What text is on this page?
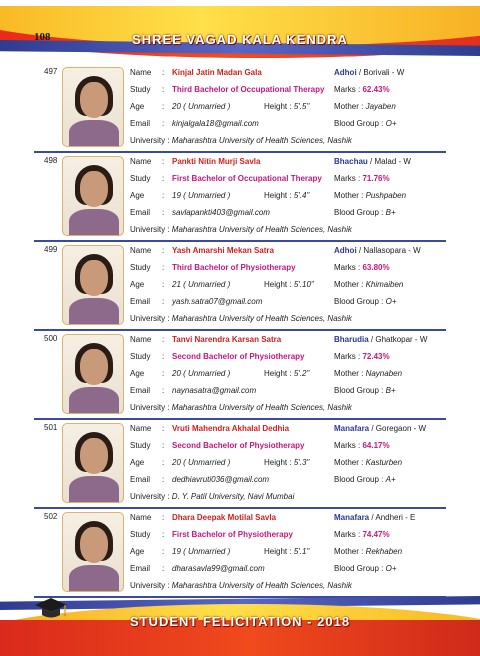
108	SHREE VAGAD KALA KENDRA
497	Name : Kinjal Jatin Madan Gala	Adhoi / Borivali - W
Study : Third Bachelor of Occupational Therapy Marks : 62.43%
Age : 20 ( Unmarried )	Height : 5'.5"	Mother : Jayaben
Email : kinjalgala18@gmail.com	Blood Group : O+
University : Maharashtra University of Health Sciences, Nashik
498	Name : Pankti Nitin Murji Savla	Bhachau / Malad - W
Study : First Bachelor of Occupational Therapy Marks : 71.76%
Age : 19 ( Unmarried )	Height : 5'.4"	Mother : Pushpaben
Email : savlapankti403@gmail.com	Blood Group : B+
University : Maharashtra University of Health Sciences, Nashik
499	Name : Yash Amarshi Mekan Satra	Adhoi / Nallasopara - W
Study : Third Bachelor of Physiotherapy	Marks : 63.80%
Age : 21 ( Unmarried )	Height : 5'.10"	Mother : Khimaiben
Email : yash.satra07@gmail.com	Blood Group : O+
University : Maharashtra University of Health Sciences, Nashik
500	Name : Tanvi Narendra Karsan Satra	Bharudia / Ghatkopar - W
Study : Second Bachelor of Physiotherapy	Marks : 72.43%
Age : 20 ( Unmarried )	Height : 5'.2"	Mother : Naynaben
Email : naynasatra@gmail.com	Blood Group : B+
University : Maharashtra University of Health Sciences, Nashik
501	Name : Vruti Mahendra Akhalal Dedhia	Manafara / Goregaon - W
Study : Second Bachelor of Physiotherapy	Marks : 64.17%
Age : 20 ( Unmarried )	Height : 5'.3"	Mother : Kasturben
Email : dedhiavruti036@gmail.com	Blood Group : A+
University : D. Y. Patil University, Navi Mumbai
502	Name : Dhara Deepak Motilal Savla	Manafara / Andheri - E
Study : First Bachelor of Physiotherapy	Marks : 74.47%
Age : 19 ( Unmarried )	Height : 5'.1"	Mother : Rekhaben
Email : dharasavla99@gmail.com	Blood Group : O+
University : Maharashtra University of Health Sciences, Nashik
STUDENT FELICITATION - 2018
